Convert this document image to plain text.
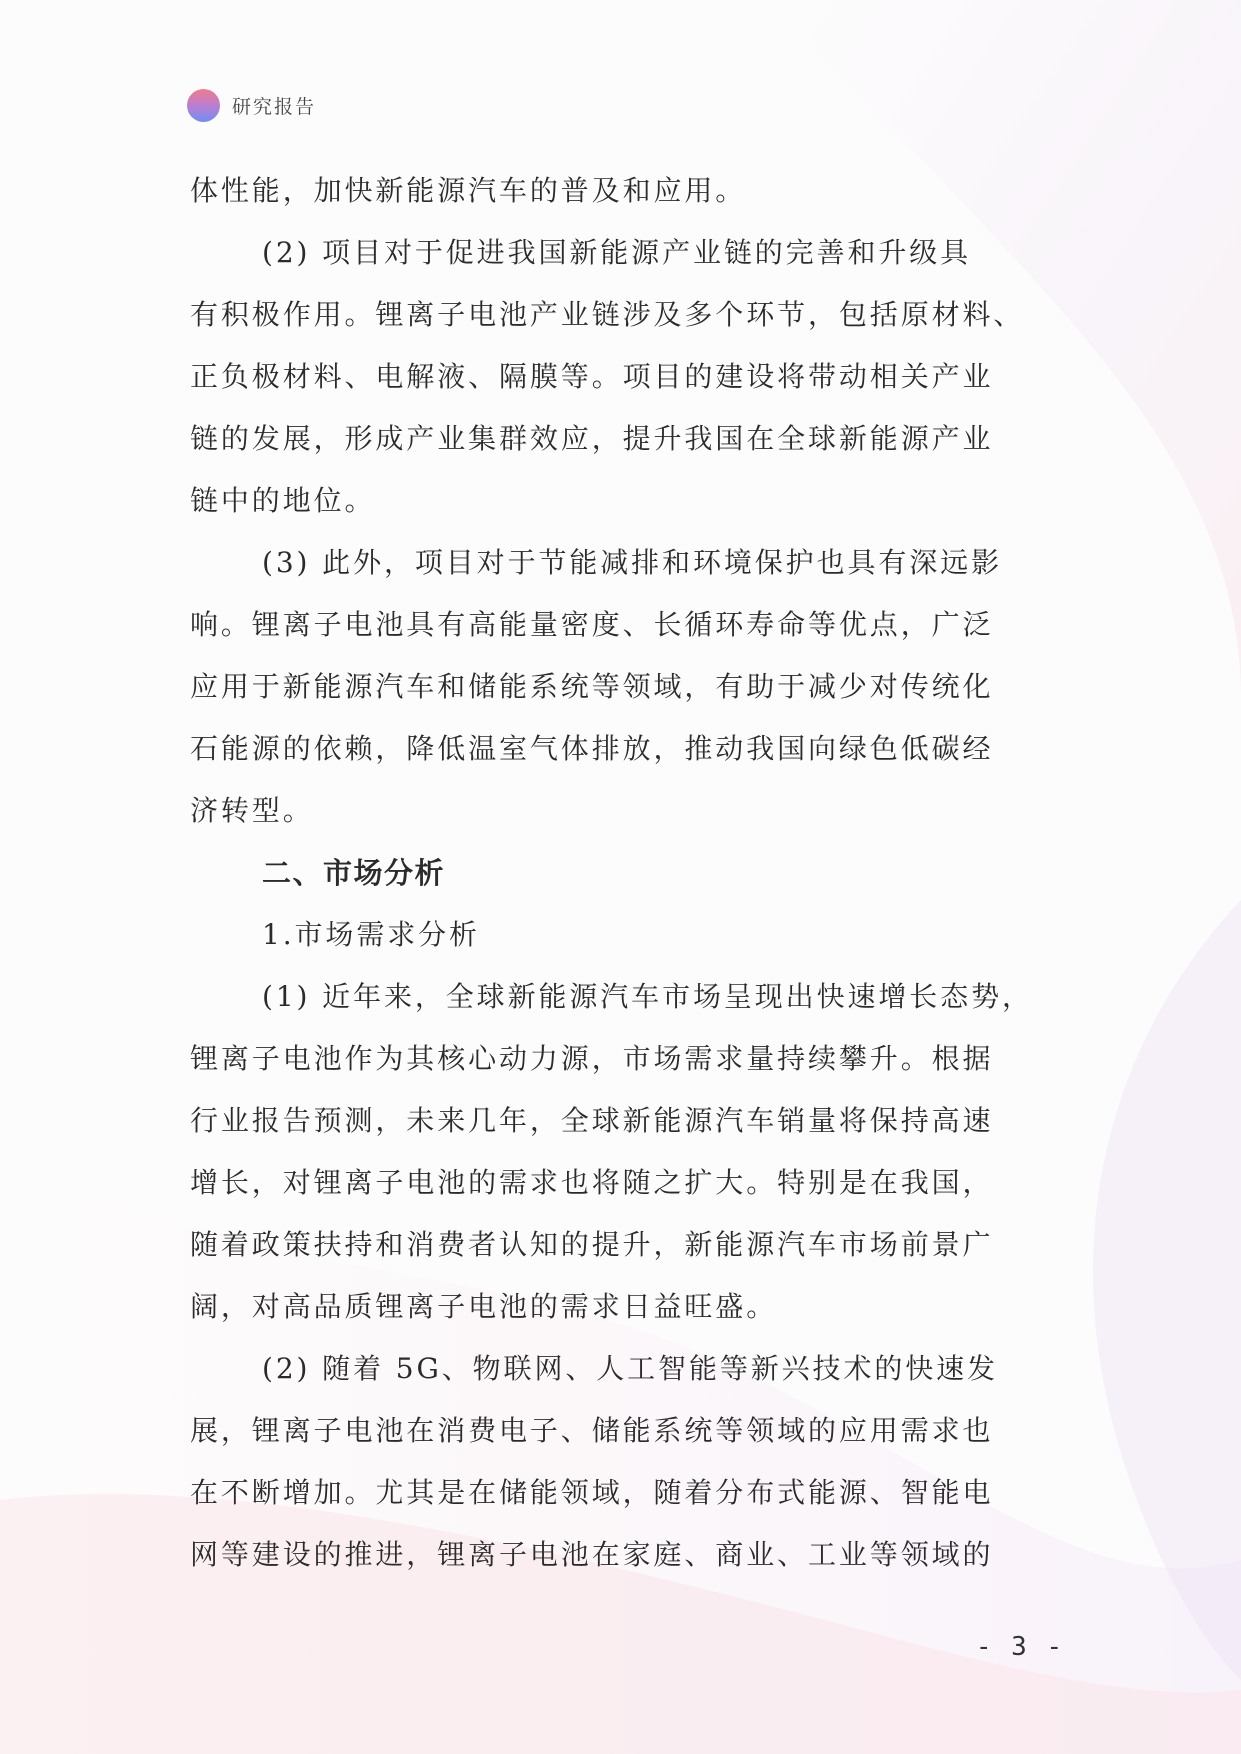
研究报告
体性能，加快新能源汽车的普及和应用。
(2) 项目对于促进我国新能源产业链的完善和升级具
有积极作用。锂离子电池产业链涉及多个环节，包括原材料、
正负极材料、电解液、隔膜等。项目的建设将带动相关产业
链的发展，形成产业集群效应，提升我国在全球新能源产业
链中的地位。
(3) 此外，项目对于节能减排和环境保护也具有深远影
响。锂离子电池具有高能量密度、长循环寿命等优点，广泛
应用于新能源汽车和储能系统等领域，有助于减少对传统化
石能源的依赖，降低温室气体排放，推动我国向绿色低碳经
济转型。
二、市场分析
1.市场需求分析
(1) 近年来，全球新能源汽车市场呈现出快速增长态势，
锂离子电池作为其核心动力源，市场需求量持续攀升。根据
行业报告预测，未来几年，全球新能源汽车销量将保持高速
增长，对锂离子电池的需求也将随之扩大。特别是在我国，
随着政策扶持和消费者认知的提升，新能源汽车市场前景广
阔，对高品质锂离子电池的需求日益旺盛。
(2) 随着 5G、物联网、人工智能等新兴技术的快速发
展，锂离子电池在消费电子、储能系统等领域的应用需求也
在不断增加。尤其是在储能领域，随着分布式能源、智能电
网等建设的推进，锂离子电池在家庭、商业、工业等领域的
- 3 -
